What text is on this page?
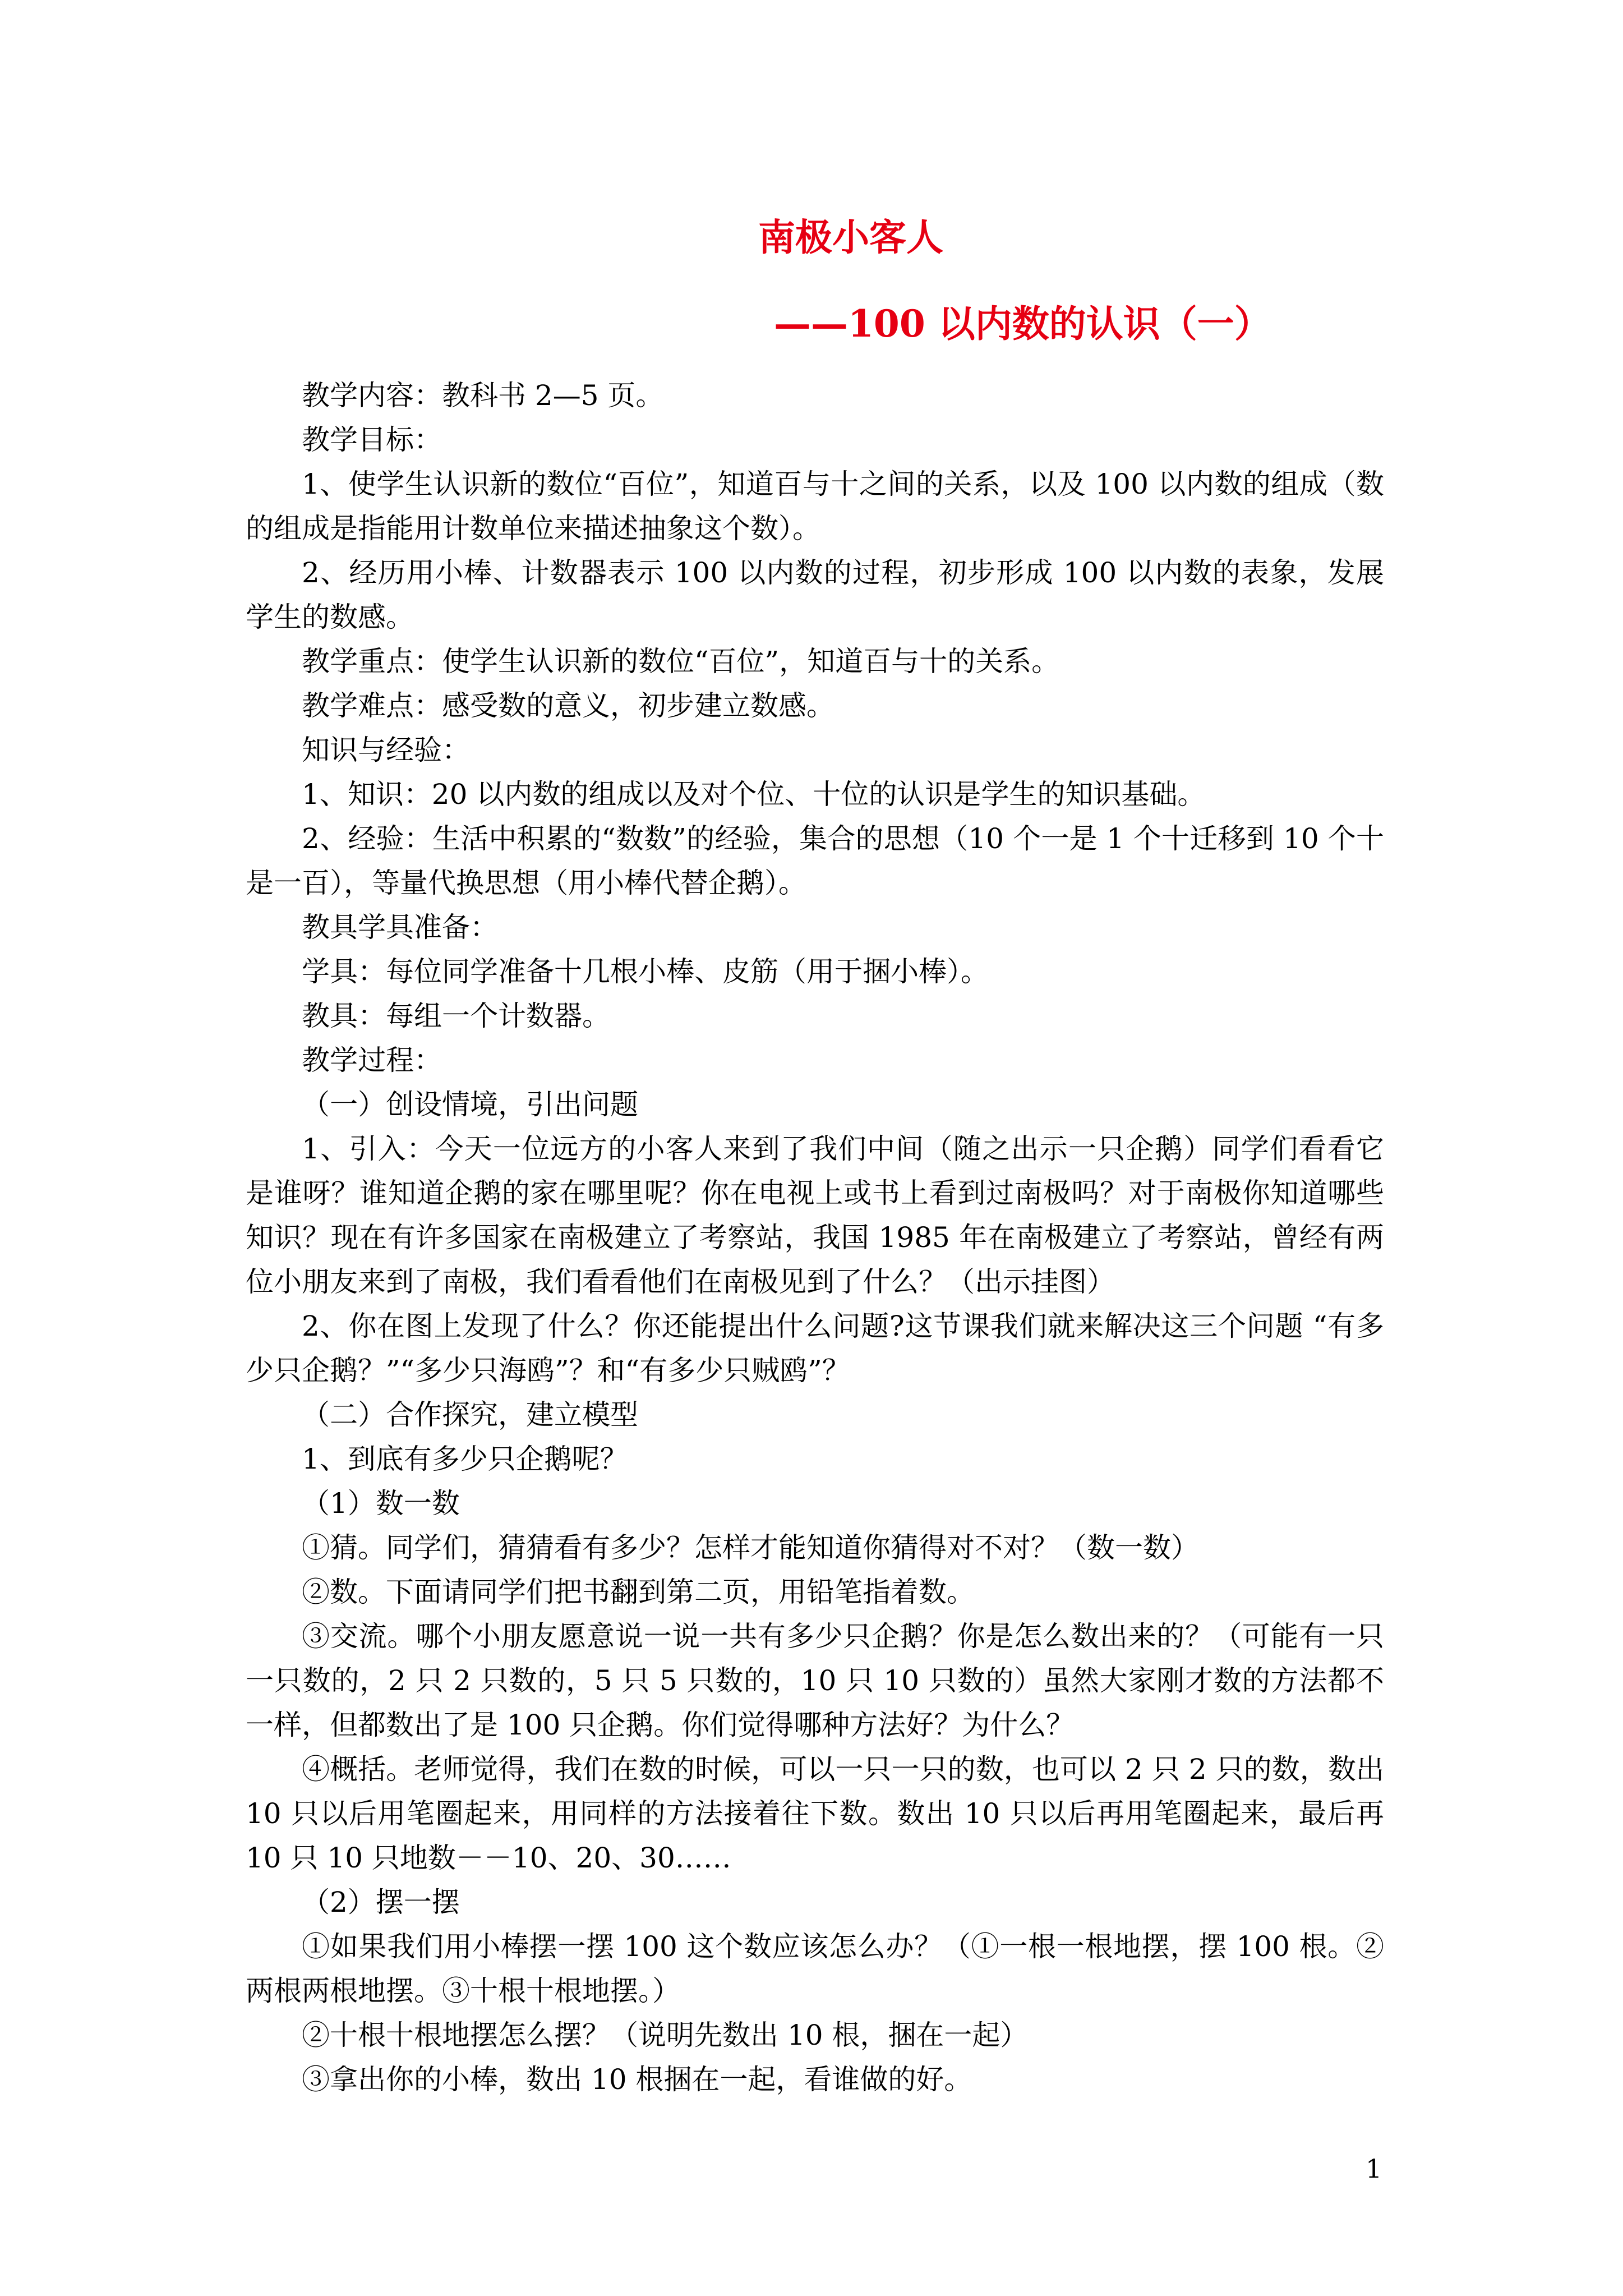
南极小客人
——100 以内数的认识（一）

教学内容：教科书 2—5 页。

教学目标：

1、使学生认识新的数位“百位”，知道百与十之间的关系，以及 100 以内数的组成（数的组成是指能用计数单位来描述抽象这个数）。

2、经历用小棒、计数器表示 100 以内数的过程，初步形成 100 以内数的表象，发展学生的数感。

教学重点：使学生认识新的数位“百位”，知道百与十的关系。

教学难点：感受数的意义，初步建立数感。

知识与经验：

1、知识：20 以内数的组成以及对个位、十位的认识是学生的知识基础。

2、经验：生活中积累的“数数”的经验，集合的思想（10 个一是 1 个十迁移到 10 个十是一百），等量代换思想（用小棒代替企鹅）。

教具学具准备：

学具：每位同学准备十几根小棒、皮筋（用于捆小棒）。

教具：每组一个计数器。

教学过程：

（一）创设情境，引出问题

1、引入：今天一位远方的小客人来到了我们中间（随之出示一只企鹅）同学们看看它是谁呀？谁知道企鹅的家在哪里呢？你在电视上或书上看到过南极吗？对于南极你知道哪些知识？现在有许多国家在南极建立了考察站，我国 1985 年在南极建立了考察站，曾经有两位小朋友来到了南极，我们看看他们在南极见到了什么？（出示挂图）

2、你在图上发现了什么？你还能提出什么问题?这节课我们就来解决这三个问题 “有多少只企鹅？”“多少只海鸥”？和“有多少只贼鸥”？

（二）合作探究，建立模型

1、到底有多少只企鹅呢？

（1）数一数

①猜。同学们，猜猜看有多少？怎样才能知道你猜得对不对？（数一数）

②数。下面请同学们把书翻到第二页，用铅笔指着数。

③交流。哪个小朋友愿意说一说一共有多少只企鹅？你是怎么数出来的？（可能有一只一只数的，2 只 2 只数的，5 只 5 只数的，10 只 10 只数的）虽然大家刚才数的方法都不一样，但都数出了是 100 只企鹅。你们觉得哪种方法好？为什么？

④概括。老师觉得，我们在数的时候，可以一只一只的数，也可以 2 只 2 只的数，数出 10 只以后用笔圈起来，用同样的方法接着往下数。数出 10 只以后再用笔圈起来，最后再 10 只 10 只地数－－10、20、30……

（2）摆一摆

①如果我们用小棒摆一摆 100 这个数应该怎么办？（①一根一根地摆，摆 100 根。②两根两根地摆。③十根十根地摆。）

②十根十根地摆怎么摆？（说明先数出 10 根，捆在一起）

③拿出你的小棒，数出 10 根捆在一起，看谁做的好。

1
